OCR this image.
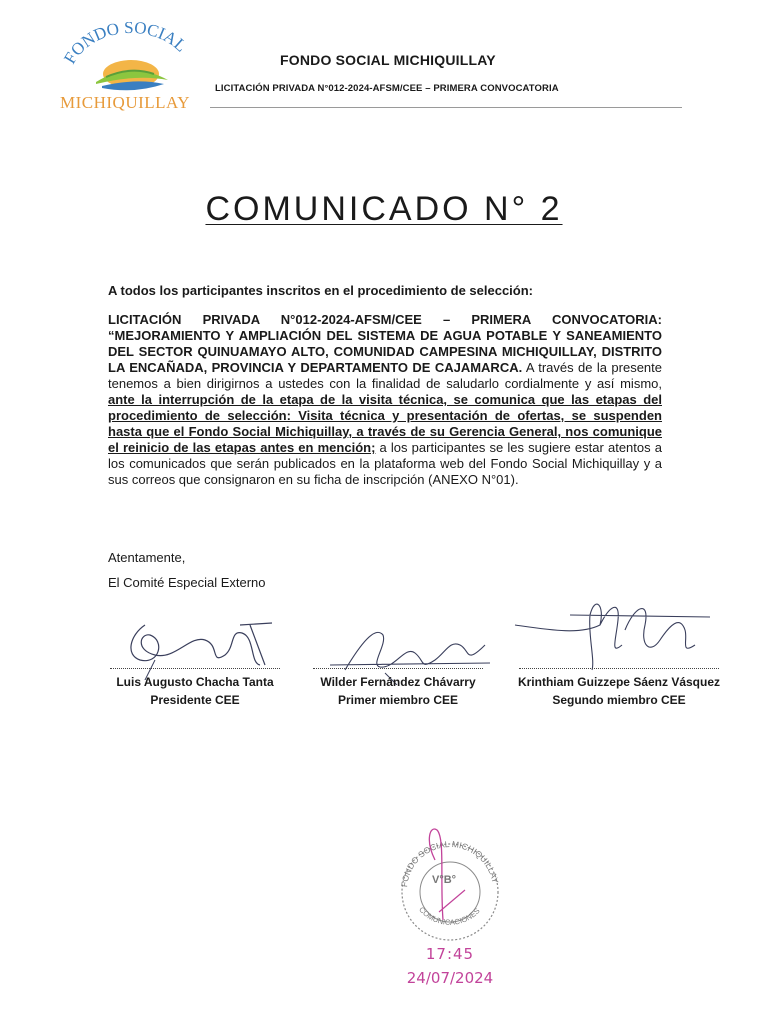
FONDO SOCIAL
MICHIQUILLAY
FONDO SOCIAL MICHIQUILLAY
LICITACIÓN PRIVADA N°012-2024-AFSM/CEE – PRIMERA CONVOCATORIA
COMUNICADO N° 2
A todos los participantes inscritos en el procedimiento de selección:
LICITACIÓN PRIVADA N°012-2024-AFSM/CEE – PRIMERA CONVOCATORIA: “MEJORAMIENTO Y AMPLIACIÓN DEL SISTEMA DE AGUA POTABLE Y SANEAMIENTO DEL SECTOR QUINUAMAYO ALTO, COMUNIDAD CAMPESINA MICHIQUILLAY, DISTRITO LA ENCAÑADA, PROVINCIA Y DEPARTAMENTO DE CAJAMARCA. A través de la presente tenemos a bien dirigirnos a ustedes con la finalidad de saludarlo cordialmente y así mismo, ante la interrupción de la etapa de la visita técnica, se comunica que las etapas del procedimiento de selección: Visita técnica y presentación de ofertas, se suspenden hasta que el Fondo Social Michiquillay, a través de su Gerencia General, nos comunique el reinicio de las etapas antes en mención; a los participantes se les sugiere estar atentos a los comunicados que serán publicados en la plataforma web del Fondo Social Michiquillay y a sus correos que consignaron en su ficha de inscripción (ANEXO N°01).
Atentamente,
El Comité Especial Externo
Luis Augusto Chacha Tanta
Presidente CEE
Wilder Fernández Chávarry
Primer miembro CEE
Krinthiam Guizzepe Sáenz Vásquez
Segundo miembro CEE
FONDO SOCIAL MICHIQUILLAY
COMUNICACIONES
V°B°
17:45
24/07/2024
